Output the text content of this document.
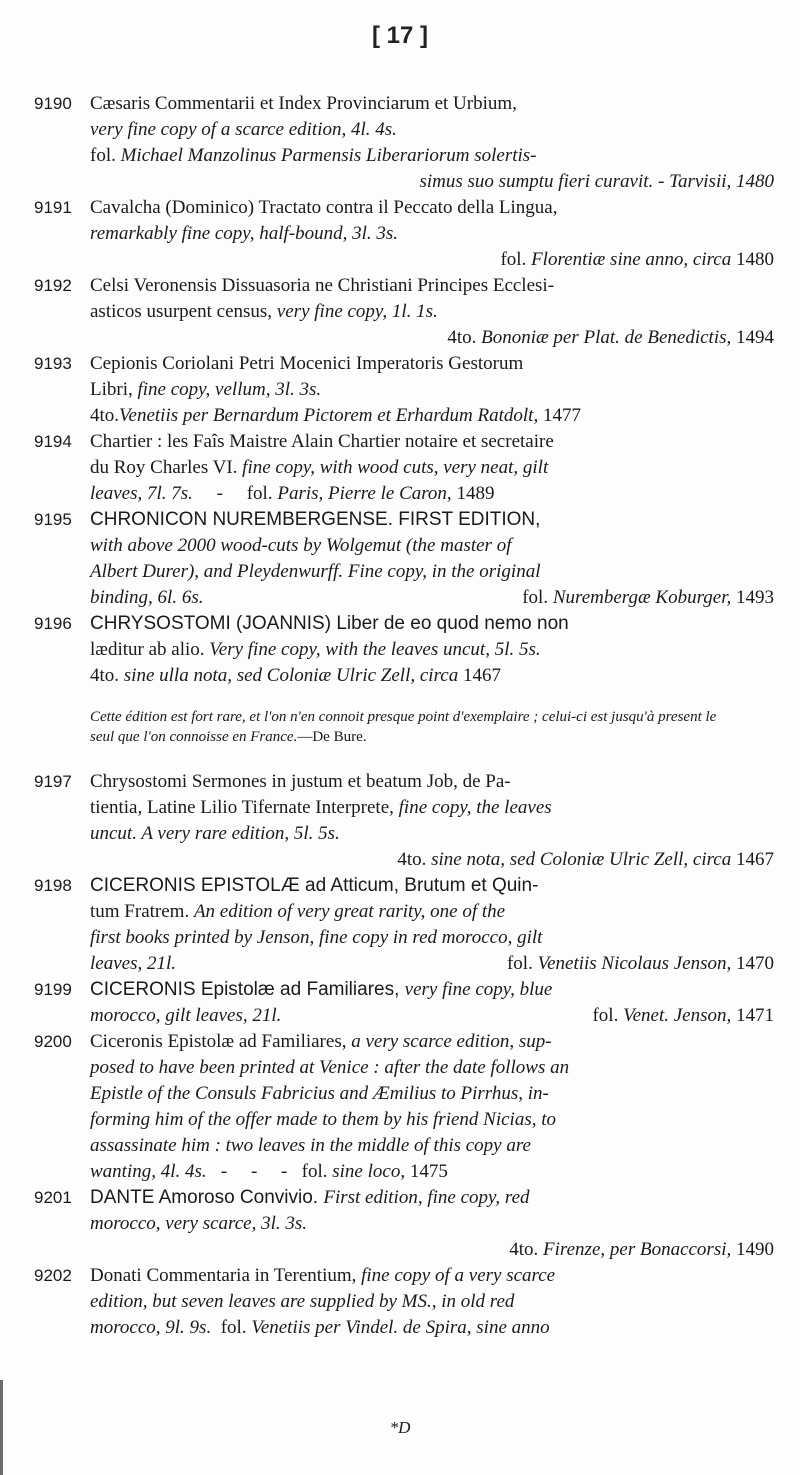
[ 17 ]
9190 Cæsaris Commentarii et Index Provinciarum et Urbium,
very fine copy of a scarce edition, 4l. 4s.
fol. Michael Manzolinus Parmensis Liberariorum solertis-
simus suo sumptu fieri curavit. - Tarvisii, 1480
9191 Cavalcha (Dominico) Tractato contra il Peccato della Lingua,
remarkably fine copy, half-bound, 3l. 3s.
fol. Florentiæ sine anno, circa 1480
9192 Celsi Veronensis Dissuasoria ne Christiani Principes Ecclesi-
asticos usurpent census, very fine copy, 1l. 1s.
4to. Bononiæ per Plat. de Benedictis, 1494
9193 Cepionis Coriolani Petri Mocenici Imperatoris Gestorum
Libri, fine copy, vellum, 3l. 3s.
4to.Venetiis per Bernardum Pictorem et Erhardum Ratdolt, 1477
9194 Chartier : les Faîs Maistre Alain Chartier notaire et secretaire
du Roy Charles VI. fine copy, with wood cuts, very neat, gilt
leaves, 7l. 7s.     -     fol. Paris, Pierre le Caron, 1489
9195 CHRONICON NUREMBERGENSE. FIRST EDITION,
with above 2000 wood-cuts by Wolgemut (the master of
Albert Durer), and Pleydenwurff. Fine copy, in the original
binding, 6l. 6s.	fol. Nurembergæ Koburger, 1493
9196 CHRYSOSTOMI (JOANNIS) Liber de eo quod nemo non
læditur ab alio. Very fine copy, with the leaves uncut, 5l. 5s.
4to. sine ulla nota, sed Coloniæ Ulric Zell, circa 1467
Cette édition est fort rare, et l'on n'en connoit presque point d'exemplaire ; celui-ci est jusqu'à present le seul que l'on connoisse en France.—De Bure.
9197 Chrysostomi Sermones in justum et beatum Job, de Pa-
tientia, Latine Lilio Tifernate Interprete, fine copy, the leaves
uncut. A very rare edition, 5l. 5s.
4to. sine nota, sed Coloniæ Ulric Zell, circa 1467
9198 CICERONIS EPISTOLÆ ad Atticum, Brutum et Quin-
tum Fratrem. An edition of very great rarity, one of the
first books printed by Jenson, fine copy in red morocco, gilt
leaves, 21l.	fol. Venetiis Nicolaus Jenson, 1470
9199 CICERONIS Epistolæ ad Familiares, very fine copy, blue
morocco, gilt leaves, 21l.	fol. Venet. Jenson, 1471
9200 Ciceronis Epistolæ ad Familiares, a very scarce edition, sup-
posed to have been printed at Venice : after the date follows an
Epistle of the Consuls Fabricius and Æmilius to Pirrhus, in-
forming him of the offer made to them by his friend Nicias, to
assassinate him : two leaves in the middle of this copy are
wanting, 4l. 4s.   -     -     -   fol. sine loco, 1475
9201 DANTE Amoroso Convivio. First edition, fine copy, red
morocco, very scarce, 3l. 3s.
4to. Firenze, per Bonaccorsi, 1490
9202 Donati Commentaria in Terentium, fine copy of a very scarce
edition, but seven leaves are supplied by MS., in old red
morocco, 9l. 9s.  fol. Venetiis per Vindel. de Spira, sine anno
*D
